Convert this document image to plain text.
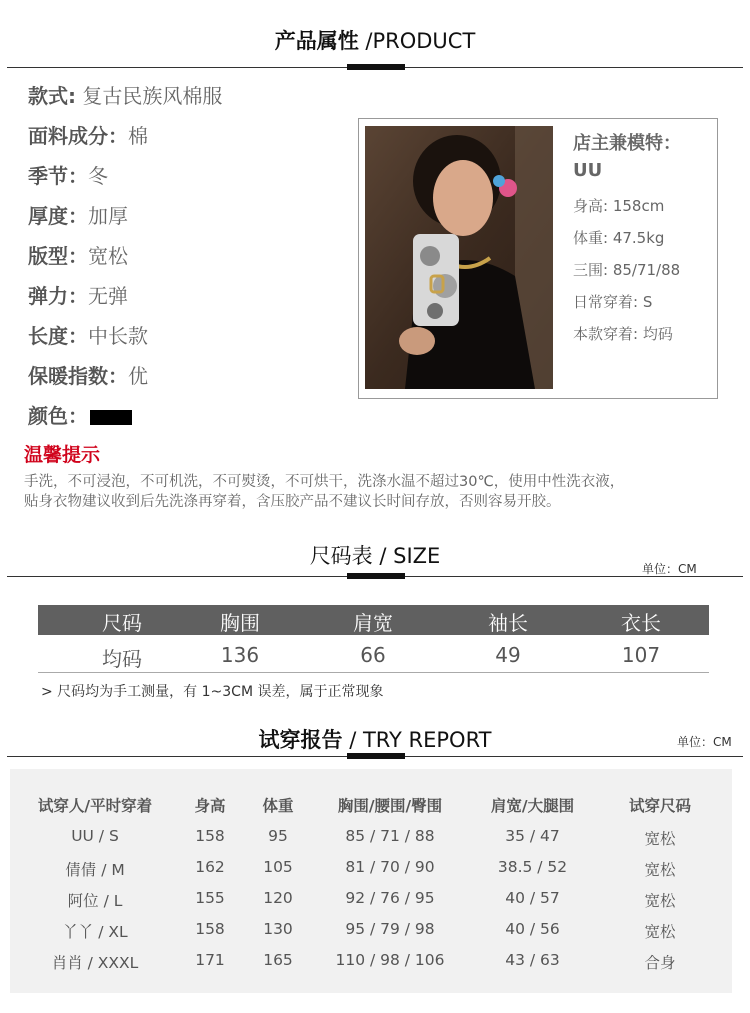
产品属性 /PRODUCT
款式: 复古民族风棉服
面料成分：棉
季节：冬
厚度：加厚
版型：宽松
弹力：无弹
长度：中长款
保暖指数：优
颜色：
店主兼模特：
UU
身高: 158cm
体重: 47.5kg
三围: 85/71/88
日常穿着: S
本款穿着: 均码
温馨提示
手洗，不可浸泡，不可机洗，不可熨烫，不可烘干，洗涤水温不超过30℃，使用中性洗衣液，
贴身衣物建议收到后先洗涤再穿着，含压胶产品不建议长时间存放，否则容易开胶。
尺码表 / SIZE
单位：CM
尺码	胸围	肩宽	袖长	衣长
均码	136	66	49	107
> 尺码均为手工测量，有 1~3CM 误差，属于正常现象
试穿报告 / TRY REPORT	单位：CM
试穿人/平时穿着	身高	体重	胸围/腰围/臀围	肩宽/大腿围	试穿尺码
UU / S	158	95	85 / 71 / 88	35 / 47	宽松
倩倩 / M	162	105	81 / 70 / 90	38.5 / 52	宽松
阿位 / L	155	120	92 / 76 / 95	40 / 57	宽松
丫丫 / XL	158	130	95 / 79 / 98	40 / 56	宽松
肖肖 / XXXL	171	165	110 / 98 / 106	43 / 63	合身
